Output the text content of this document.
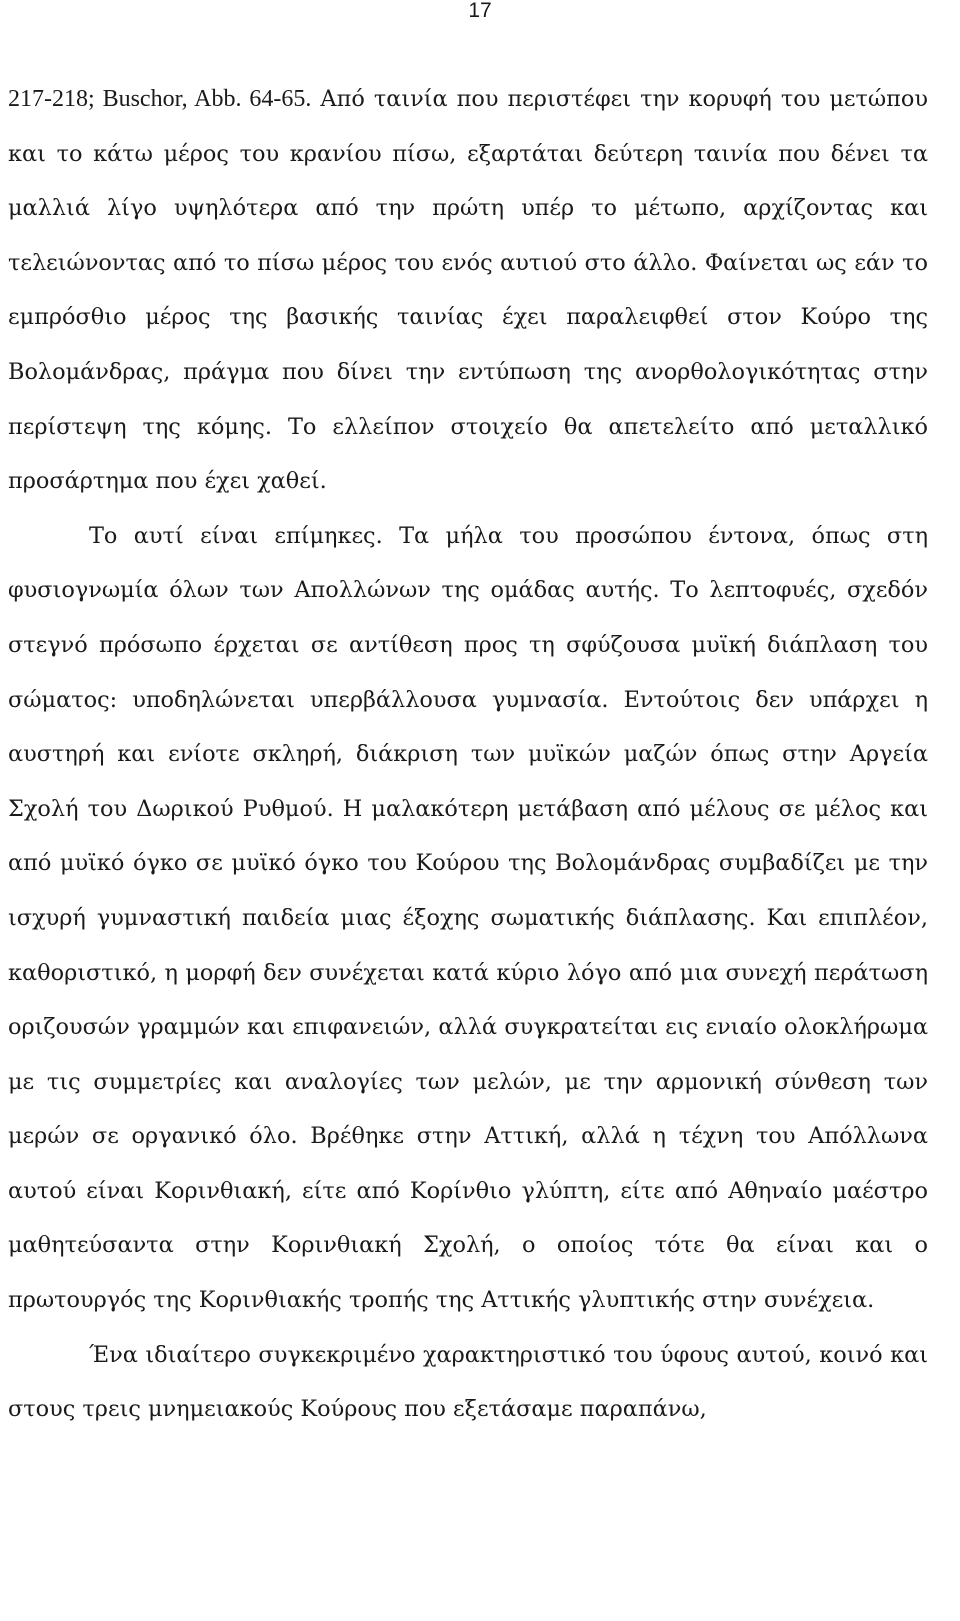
17

217-218; Buschor, Abb. 64-65. Από ταινία που περιστέφει την κορυφή του μετώπου και το κάτω μέρος του κρανίου πίσω, εξαρτάται δεύτερη ταινία που δένει τα μαλλιά λίγο υψηλότερα από την πρώτη υπέρ το μέτωπο, αρχίζοντας και τελειώνοντας από το πίσω μέρος του ενός αυτιού στο άλλο. Φαίνεται ως εάν το εμπρόσθιο μέρος της βασικής ταινίας έχει παραλειφθεί στον Κούρο της Βολομάνδρας, πράγμα που δίνει την εντύπωση της ανορθολογικότητας στην περίστεψη της κόμης. Το ελλείπον στοιχείο θα απετελείτο από μεταλλικό προσάρτημα που έχει χαθεί.

Το αυτί είναι επίμηκες. Τα μήλα του προσώπου έντονα, όπως στη φυσιογνωμία όλων των Απολλώνων της ομάδας αυτής. Το λεπτοφυές, σχεδόν στεγνό πρόσωπο έρχεται σε αντίθεση προς τη σφύζουσα μυϊκή διάπλαση του σώματος: υποδηλώνεται υπερβάλλουσα γυμνασία. Εντούτοις δεν υπάρχει η αυστηρή και ενίοτε σκληρή, διάκριση των μυϊκών μαζών όπως στην Αργεία Σχολή του Δωρικού Ρυθμού. Η μαλακότερη μετάβαση από μέλους σε μέλος και από μυϊκό όγκο σε μυϊκό όγκο του Κούρου της Βολομάνδρας συμβαδίζει με την ισχυρή γυμναστική παιδεία μιας έξοχης σωματικής διάπλασης. Και επιπλέον, καθοριστικό, η μορφή δεν συνέχεται κατά κύριο λόγο από μια συνεχή περάτωση οριζουσών γραμμών και επιφανειών, αλλά συγκρατείται εις ενιαίο ολοκλήρωμα με τις συμμετρίες και αναλογίες των μελών, με την αρμονική σύνθεση των μερών σε οργανικό όλο. Βρέθηκε στην Αττική, αλλά η τέχνη του Απόλλωνα αυτού είναι Κορινθιακή, είτε από Κορίνθιο γλύπτη, είτε από Αθηναίο μαέστρο μαθητεύσαντα στην Κορινθιακή Σχολή, ο οποίος τότε θα είναι και ο πρωτουργός της Κορινθιακής τροπής της Αττικής γλυπτικής στην συνέχεια.

Ένα ιδιαίτερο συγκεκριμένο χαρακτηριστικό του ύφους αυτού, κοινό και στους τρεις μνημειακούς Κούρους που εξετάσαμε παραπάνω,
